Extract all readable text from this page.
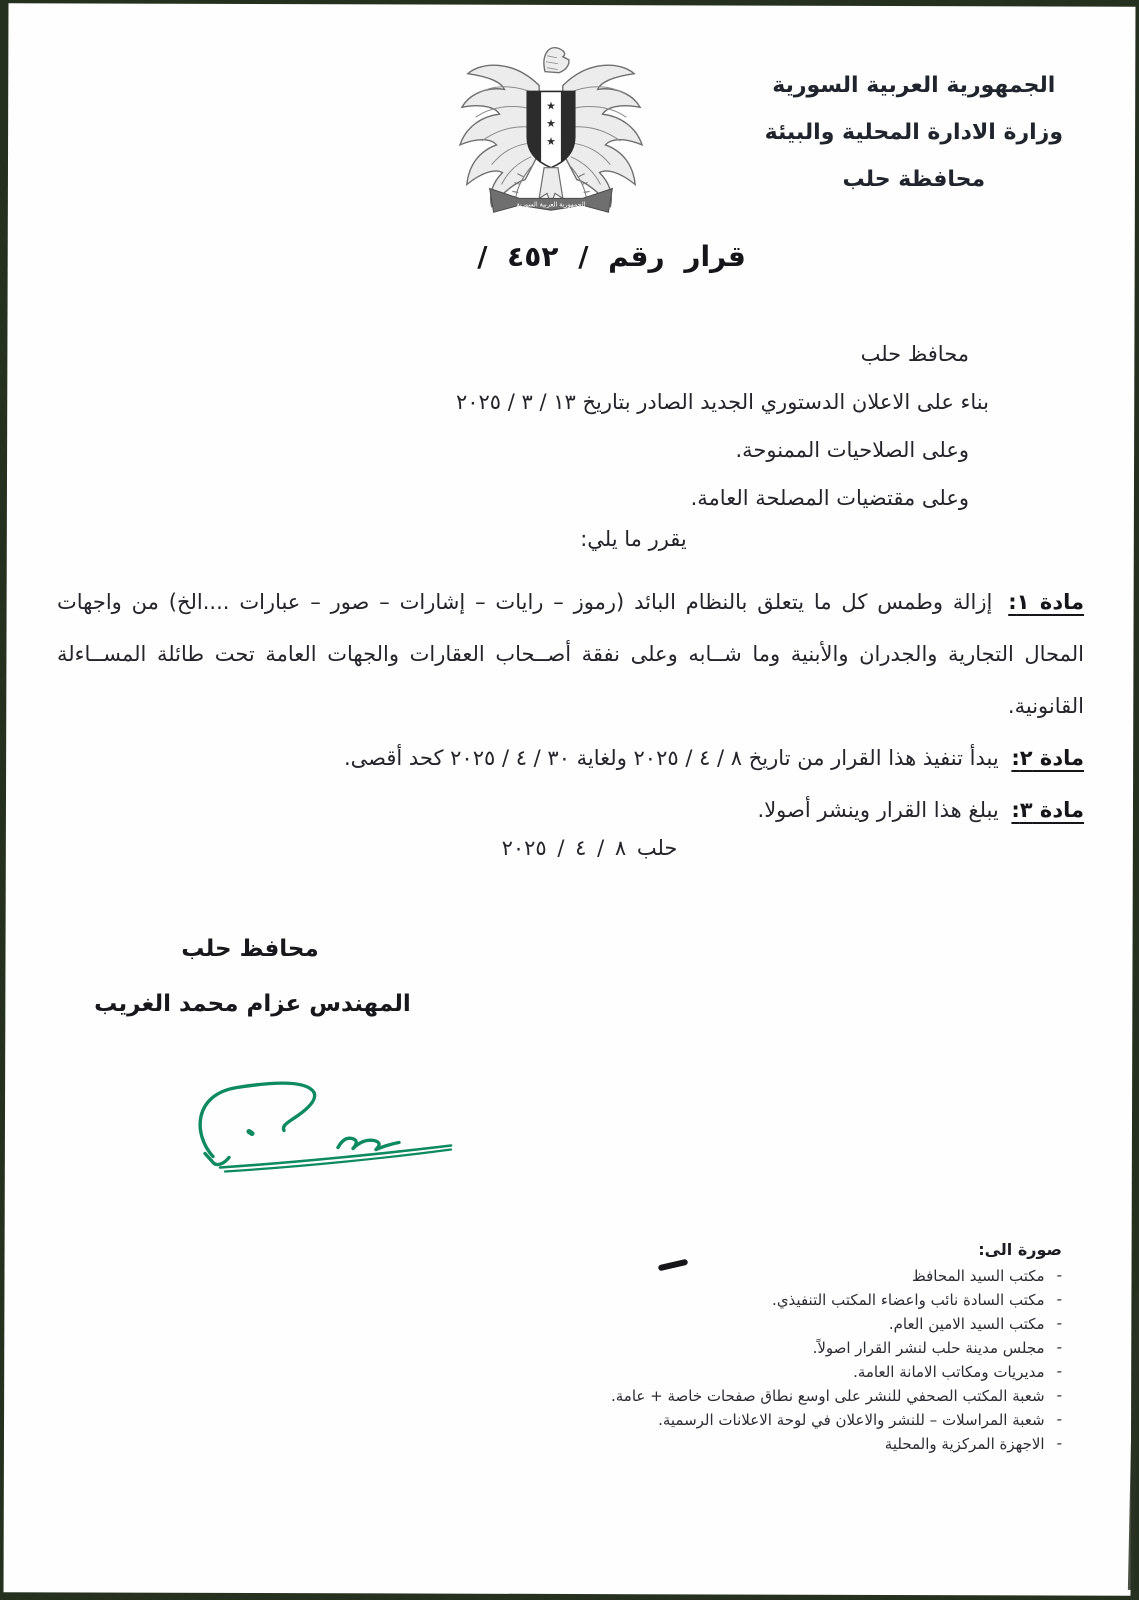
الجمهورية العربية السورية
وزارة الادارة المحلية والبيئة
محافظة حلب
★
★
★
الجمهورية العربية السورية
قرار رقم / ٤٥٢ /
محافظ حلب
بناء على الاعلان الدستوري الجديد الصادر بتاريخ ١٣ / ٣ / ٢٠٢٥
وعلى الصلاحيات الممنوحة.
وعلى مقتضيات المصلحة العامة.
يقرر ما يلي:
مادة ١: إزالة وطمس كل ما يتعلق بالنظام البائد (رموز – رايات – إشارات – صور – عبارات ....الخ) من واجهات
المحال التجارية والجدران والأبنية وما شــابه وعلى نفقة أصــحاب العقارات والجهات العامة تحت طائلة المســاءلة
القانونية.
مادة ٢: يبدأ تنفيذ هذا القرار من تاريخ ٨ / ٤ / ٢٠٢٥ ولغاية ٣٠ / ٤ / ٢٠٢٥ كحد أقصى.
مادة ٣: يبلغ هذا القرار وينشر أصولا.
حلب ٨ / ٤ / ٢٠٢٥
محافظ حلب
المهندس عزام محمد الغريب
صورة الى:
-مكتب السيد المحافظ
-مكتب السادة نائب واعضاء المكتب التنفيذي.
-مكتب السيد الامين العام.
-مجلس مدينة حلب لنشر القرار اصولاً.
-مديريات ومكاتب الامانة العامة.
-شعبة المكتب الصحفي للنشر على اوسع نطاق صفحات خاصة + عامة.
-شعبة المراسلات – للنشر والاعلان في لوحة الاعلانات الرسمية.
-الاجهزة المركزية والمحلية
